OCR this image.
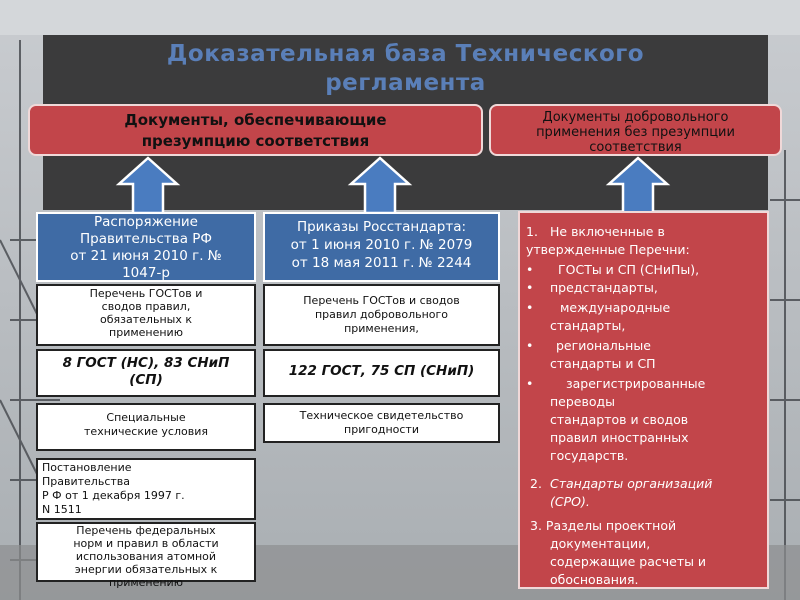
Доказательная база Технического
регламента
Документы, обеспечивающие
презумпцию соответствия
Документы добровольного
применения без презумпции
соответствия
Распоряжение
Правительства РФ
от 21 июня 2010 г. №
1047-р
Приказы Росстандарта:
от 1 июня 2010 г. № 2079
от 18 мая 2011 г. № 2244
Перечень ГОСТов и
сводов правил,
обязательных к
применению
8 ГОСТ (НС), 83 СНиП
(СП)
Специальные
технические условия
Перечень ГОСТов и сводов
правил добровольного
применения,
122 ГОСТ, 75 СП (СНиП)
Техническое свидетельство
пригодности
Постановление
Правительства
Р Ф от 1 декабря 1997 г.
N 1511
Перечень федеральных
норм и правил в области
использования атомной
энергии обязательных к
применению
1. Не включенные в
утвержденные Перечни:
• ГОСТы и СП (СНиПы),
• предстандарты,
• международные
стандарты,
• региональные
стандарты и СП
•	зарегистрированные
переводы
стандартов и сводов
правил иностранных
государств.
2. Стандарты организаций
(СРО).
3. Разделы проектной
документации,
содержащие расчеты и
обоснования.
